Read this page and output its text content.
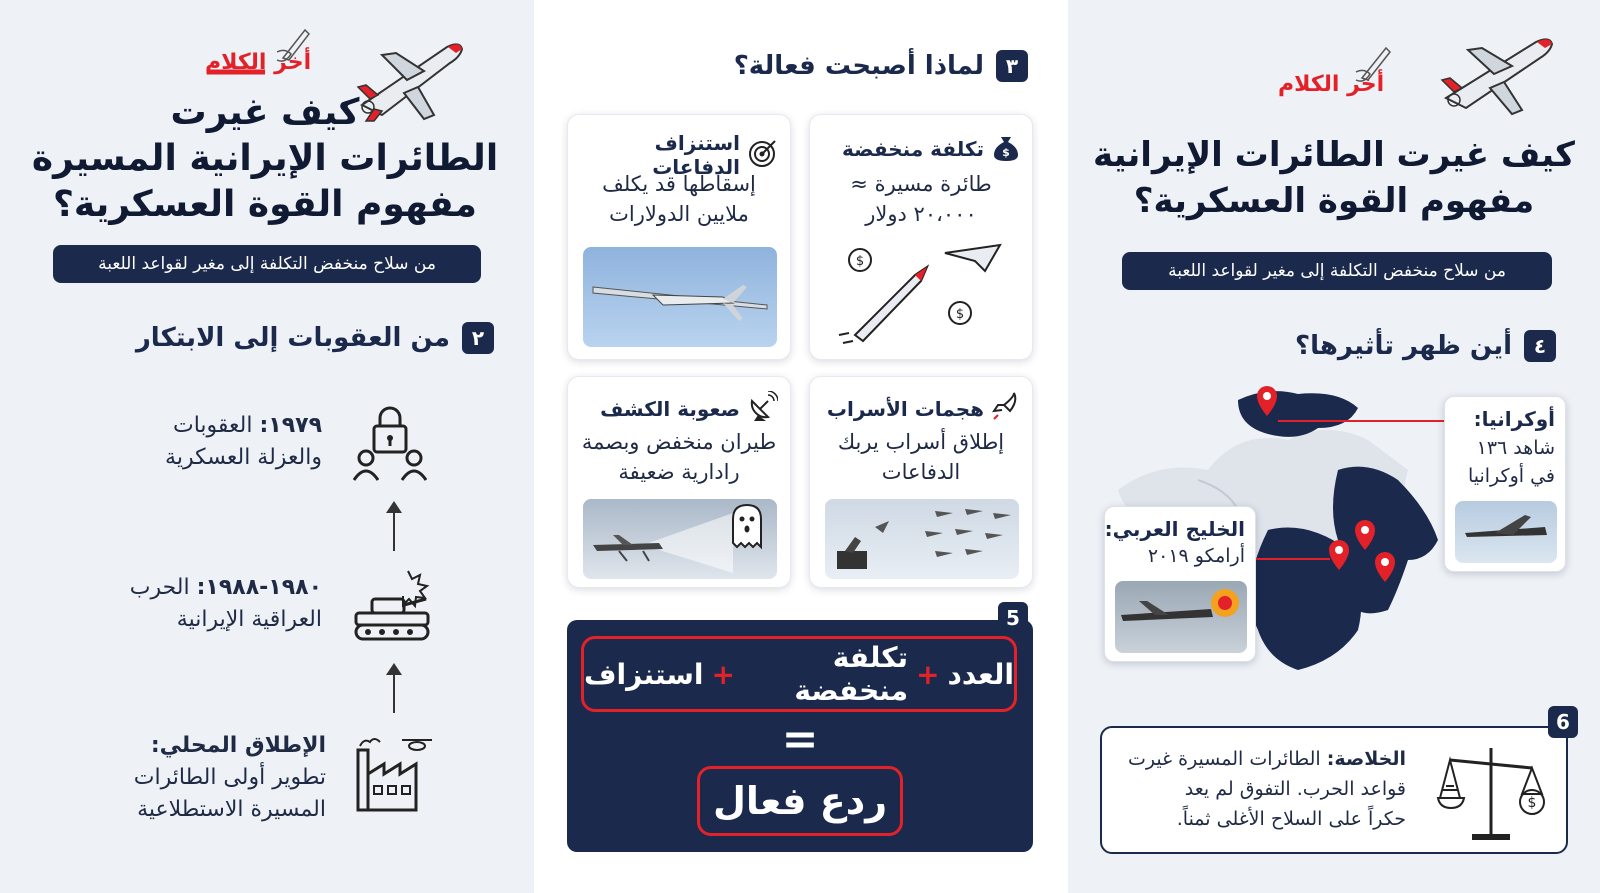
أخر الكلام
كيف غيرت
الطائرات الإيرانية المسيرة
مفهوم القوة العسكرية؟
من سلاح منخفض التكلفة إلى مغير لقواعد اللعبة
٢
من العقوبات إلى الابتكار
١٩٧٩: العقوبات
والعزلة العسكرية
١٩٨٠-١٩٨٨: الحرب
العراقية الإيرانية
الإطلاق المحلي:
تطوير أولى الطائرات
المسيرة الاستطلاعية
٣
لماذا أصبحت فعالة؟
$
تكلفة منخفضة
طائرة مسيرة ≈
٢٠،٠٠٠ دولار
$
$
استنزاف الدفاعات
إسقاطها قد يكلف
ملايين الدولارات
هجمات الأسراب
إطلاق أسراب يربك
الدفاعات
صعوبة الكشف
طيران منخفض وبصمة
رادارية ضعيفة
العدد
+
تكلفة منخفضة
+
استنزاف
=
ردع فعال
5
أخر الكلام
كيف غيرت الطائرات الإيرانية
مفهوم القوة العسكرية؟
من سلاح منخفض التكلفة إلى مغير لقواعد اللعبة
٤
أين ظهر تأثيرها؟
أوكرانيا:
شاهد ١٣٦
في أوكرانيا
الخليج العربي:
أرامكو ٢٠١٩
الخلاصة: الطائرات المسيرة غيرت
قواعد الحرب. التفوق لم يعد
حكراً على السلاح الأغلى ثمناً.
$
6
